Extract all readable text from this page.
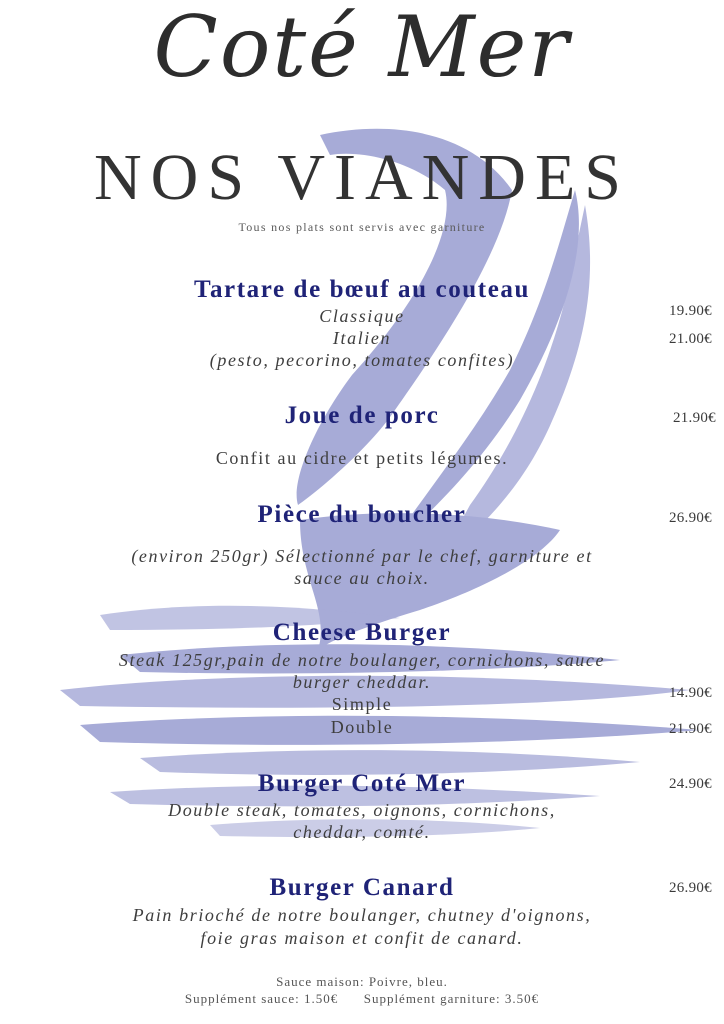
Coté Mer
NOS VIANDES
Tous nos plats sont servis avec garniture
Tartare de bœuf au couteau
Classique
Italien
(pesto, pecorino, tomates confites)
19.90€
21.00€
Joue de porc
Confit au cidre et petits légumes.
21.90€
Pièce du boucher
(environ 250gr) Sélectionné par le chef, garniture et
sauce au choix.
26.90€
Cheese Burger
Steak 125gr,pain de notre boulanger, cornichons, sauce
burger cheddar.
Simple
Double
14.90€
21.90€
Burger Coté Mer
Double steak, tomates, oignons, cornichons,
cheddar, comté.
24.90€
Burger Canard
Pain brioché de notre boulanger, chutney d'oignons,
foie gras maison et confit de canard.
26.90€
Sauce maison: Poivre, bleu.
Supplément sauce: 1.50€      Supplément garniture: 3.50€
